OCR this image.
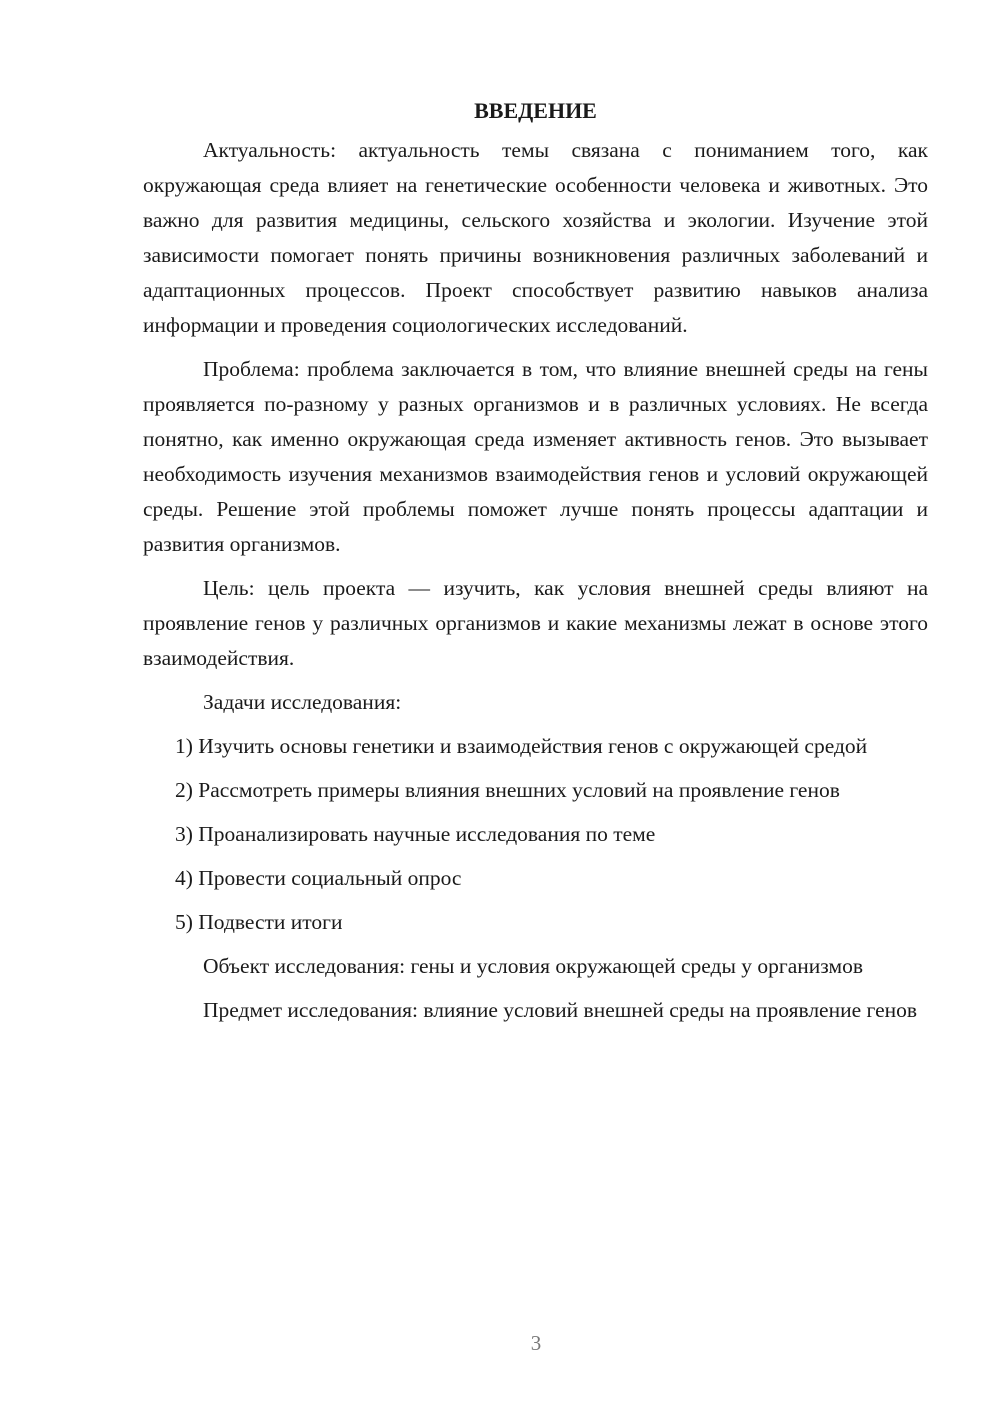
ВВЕДЕНИЕ

Актуальность: актуальность темы связана с пониманием того, как окружающая среда влияет на генетические особенности человека и животных. Это важно для развития медицины, сельского хозяйства и экологии. Изучение этой зависимости помогает понять причины возникновения различных заболеваний и адаптационных процессов. Проект способствует развитию навыков анализа информации и проведения социологических исследований.

Проблема: проблема заключается в том, что влияние внешней среды на гены проявляется по-разному у разных организмов и в различных условиях. Не всегда понятно, как именно окружающая среда изменяет активность генов. Это вызывает необходимость изучения механизмов взаимодействия генов и условий окружающей среды. Решение этой проблемы поможет лучше понять процессы адаптации и развития организмов.

Цель: цель проекта — изучить, как условия внешней среды влияют на проявление генов у различных организмов и какие механизмы лежат в основе этого взаимодействия.

Задачи исследования:

1) Изучить основы генетики и взаимодействия генов с окружающей средой

2) Рассмотреть примеры влияния внешних условий на проявление генов

3) Проанализировать научные исследования по теме

4) Провести социальный опрос

5) Подвести итоги

Объект исследования: гены и условия окружающей среды у организмов

Предмет исследования: влияние условий внешней среды на проявление генов

3
